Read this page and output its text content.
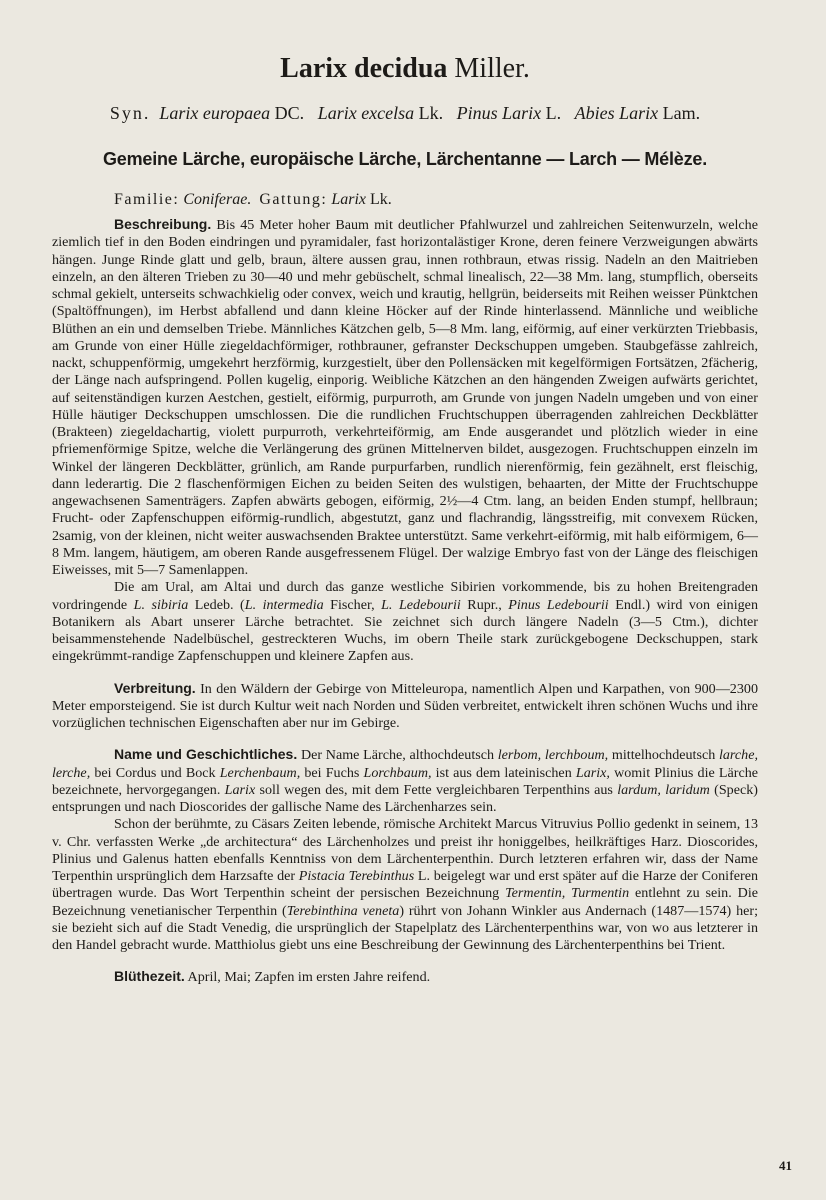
Larix decidua Miller.
Syn. Larix europaea DC. Larix excelsa Lk. Pinus Larix L. Abies Larix Lam.
Gemeine Lärche, europäische Lärche, Lärchentanne — Larch — Mélèze.
Familie: Coniferae. Gattung: Larix Lk.

Beschreibung. Bis 45 Meter hoher Baum mit deutlicher Pfahlwurzel und zahlreichen Seitenwurzeln, welche ziemlich tief in den Boden eindringen und pyramidaler, fast horizontalästiger Krone, deren feinere Verzweigungen abwärts hängen. Junge Rinde glatt und gelb, braun, ältere aussen grau, innen rothbraun, etwas rissig. Nadeln an den Maitrieben einzeln, an den älteren Trieben zu 30—40 und mehr gebüschelt, schmal linealisch, 22—38 Mm. lang, stumpflich, oberseits schmal gekielt, unterseits schwachkielig oder convex, weich und krautig, hellgrün, beiderseits mit Reihen weisser Pünktchen (Spaltöffnungen), im Herbst abfallend und dann kleine Höcker auf der Rinde hinterlassend. Männliche und weibliche Blüthen an ein und demselben Triebe. Männliches Kätzchen gelb, 5—8 Mm. lang, eiförmig, auf einer verkürzten Triebbasis, am Grunde von einer Hülle ziegeldachförmiger, rothbrauner, gefranster Deckschuppen umgeben. Staubgefässe zahlreich, nackt, schuppenförmig, umgekehrt herzförmig, kurzgestielt, über den Pollensäcken mit kegelförmigen Fortsätzen, 2fächerig, der Länge nach aufspringend. Pollen kugelig, einporig. Weibliche Kätzchen an den hängenden Zweigen aufwärts gerichtet, auf seitenständigen kurzen Aestchen, gestielt, eiförmig, purpurroth, am Grunde von jungen Nadeln umgeben und von einer Hülle häutiger Deckschuppen umschlossen. Die die rundlichen Fruchtschuppen überragenden zahlreichen Deckblätter (Brakteen) ziegeldachartig, violett purpurroth, verkehrteiförmig, am Ende ausgerandet und plötzlich wieder in eine pfriemenförmige Spitze, welche die Verlängerung des grünen Mittelnerven bildet, ausgezogen. Fruchtschuppen einzeln im Winkel der längeren Deckblätter, grünlich, am Rande purpurfarben, rundlich nierenförmig, fein gezähnelt, erst fleischig, dann lederartig. Die 2 flaschenförmigen Eichen zu beiden Seiten des wulstigen, behaarten, der Mitte der Fruchtschuppe angewachsenen Samenträgers. Zapfen abwärts gebogen, eiförmig, 2½—4 Ctm. lang, an beiden Enden stumpf, hellbraun; Frucht- oder Zapfenschuppen eiförmig-rundlich, abgestutzt, ganz und flachrandig, längsstreifig, mit convexem Rücken, 2samig, von der kleinen, nicht weiter auswachsenden Braktee unterstützt. Same verkehrt-eiförmig, mit halb eiförmigem, 6—8 Mm. langem, häutigem, am oberen Rande ausgefressenem Flügel. Der walzige Embryo fast von der Länge des fleischigen Eiweisses, mit 5—7 Samenlappen.

Die am Ural, am Altai und durch das ganze westliche Sibirien vorkommende, bis zu hohen Breitengraden vordringende L. sibiria Ledeb. (L. intermedia Fischer, L. Ledebourii Rupr., Pinus Ledebourii Endl.) wird von einigen Botanikern als Abart unserer Lärche betrachtet. Sie zeichnet sich durch längere Nadeln (3—5 Ctm.), dichter beisammenstehende Nadelbüschel, gestreckteren Wuchs, im obern Theile stark zurückgebogene Deckschuppen, stark eingekrümmt-randige Zapfenschuppen und kleinere Zapfen aus.

Verbreitung. In den Wäldern der Gebirge von Mitteleuropa, namentlich Alpen und Karpathen, von 900—2300 Meter emporsteigend. Sie ist durch Kultur weit nach Norden und Süden verbreitet, entwickelt ihren schönen Wuchs und ihre vorzüglichen technischen Eigenschaften aber nur im Gebirge.

Name und Geschichtliches. Der Name Lärche, althochdeutsch lerbom, lerchboum, mittelhochdeutsch larche, lerche, bei Cordus und Bock Lerchenbaum, bei Fuchs Lorchbaum, ist aus dem lateinischen Larix, womit Plinius die Lärche bezeichnete, hervorgegangen. Larix soll wegen des, mit dem Fette vergleichbaren Terpenthins aus lardum, laridum (Speck) entsprungen und nach Dioscorides der gallische Name des Lärchenharzes sein.

Schon der berühmte, zu Cäsars Zeiten lebende, römische Architekt Marcus Vitruvius Pollio gedenkt in seinem, 13 v. Chr. verfassten Werke „de architectura“ des Lärchenholzes und preist ihr honiggelbes, heilkräftiges Harz. Dioscorides, Plinius und Galenus hatten ebenfalls Kenntniss von dem Lärchenterpenthin. Durch letzteren erfahren wir, dass der Name Terpenthin ursprünglich dem Harzsafte der Pistacia Terebinthus L. beigelegt war und erst später auf die Harze der Coniferen übertragen wurde. Das Wort Terpenthin scheint der persischen Bezeichnung Termentin, Turmentin entlehnt zu sein. Die Bezeichnung venetianischer Terpenthin (Terebinthina veneta) rührt von Johann Winkler aus Andernach (1487—1574) her; sie bezieht sich auf die Stadt Venedig, die ursprünglich der Stapelplatz des Lärchenterpenthins war, von wo aus letzterer in den Handel gebracht wurde. Matthiolus giebt uns eine Beschreibung der Gewinnung des Lärchenterpenthins bei Trient.

Blüthezeit. April, Mai; Zapfen im ersten Jahre reifend.

41
